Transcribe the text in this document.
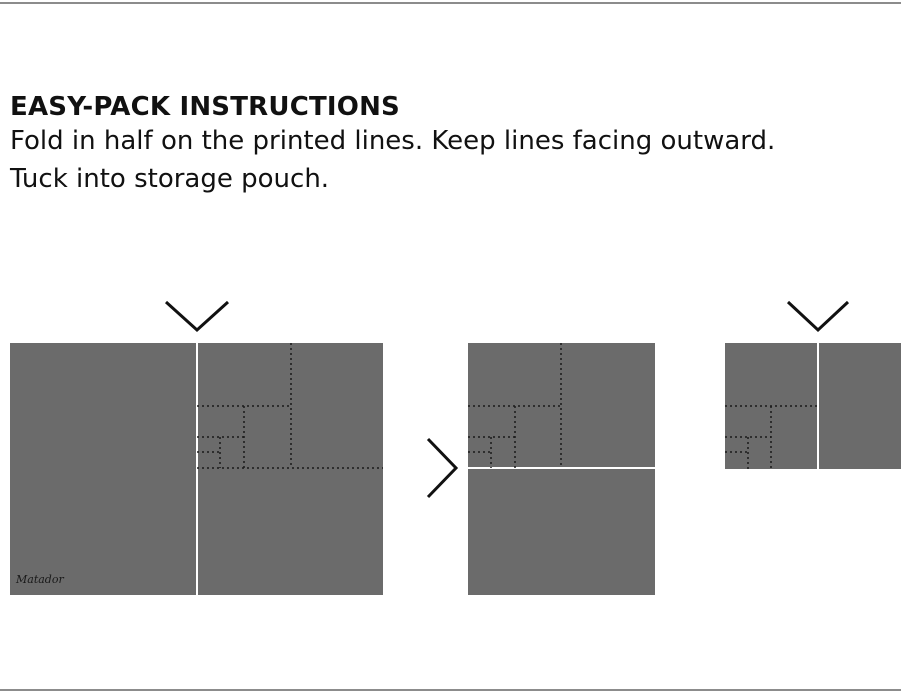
EASY-PACK INSTRUCTIONS
Fold in half on the printed lines. Keep lines facing outward.
Tuck into storage pouch.
Matador
